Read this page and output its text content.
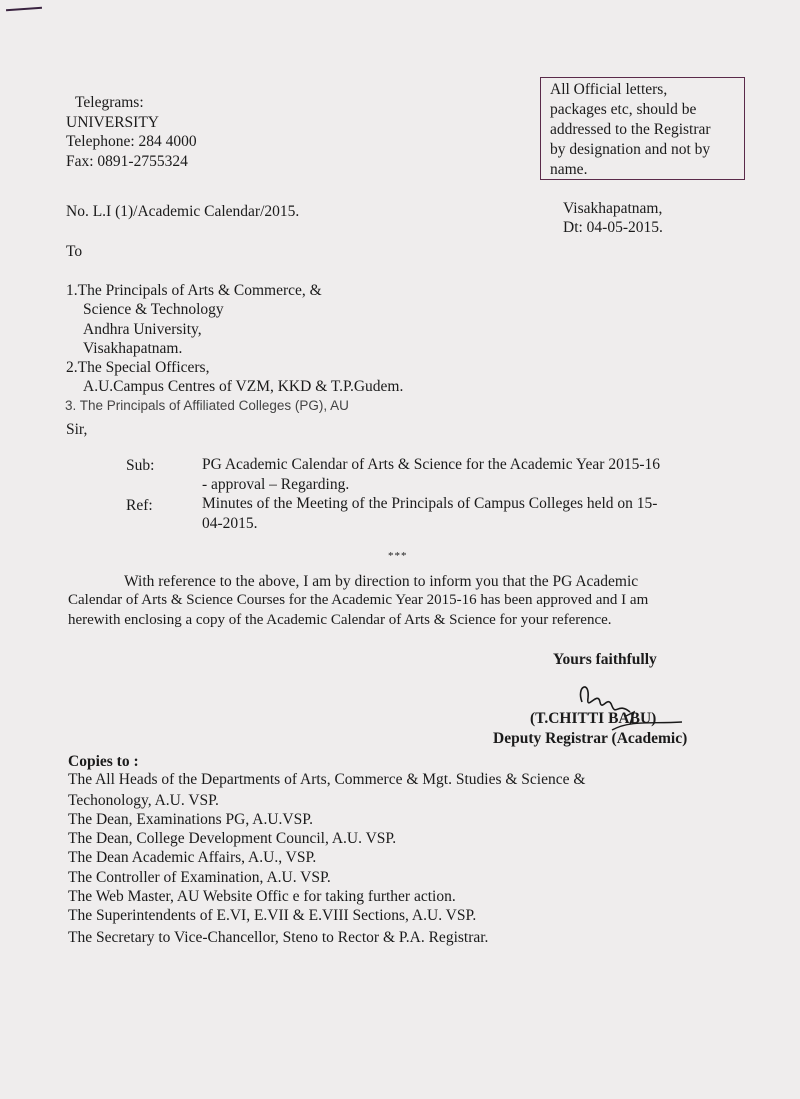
Telegrams:
UNIVERSITY
Telephone: 284 4000
Fax: 0891-2755324
All Official letters,
packages etc, should be
addressed to the Registrar
by designation and not by
name.
No. L.I (1)/Academic Calendar/2015.	Visakhapatnam,
Dt: 04-05-2015.
To
1.The Principals of Arts & Commerce, &
Science & Technology
Andhra University,
Visakhapatnam.
2.The Special Officers,
A.U.Campus Centres of VZM, KKD & T.P.Gudem.
3. The Principals of Affiliated Colleges (PG), AU
Sir,
Sub:	PG Academic Calendar of Arts & Science for the Academic Year 2015-16
- approval – Regarding.
Ref:	Minutes of the Meeting of the Principals of Campus Colleges held on 15-
04-2015.
***
With reference to the above, I am by direction to inform you that the PG Academic
Calendar of Arts & Science Courses for the Academic Year 2015-16 has been approved and I am
herewith enclosing a copy of the Academic Calendar of Arts & Science for your reference.
Yours faithfully
(T.CHITTI BABU)
Deputy Registrar (Academic)
Copies to :
The All Heads of the Departments of Arts, Commerce & Mgt. Studies & Science &
Techonology, A.U. VSP.
The Dean, Examinations PG, A.U.VSP.
The Dean, College Development Council, A.U. VSP.
The Dean Academic Affairs, A.U., VSP.
The Controller of Examination, A.U. VSP.
The Web Master, AU Website Offic e for taking further action.
The Superintendents of E.VI, E.VII & E.VIII Sections, A.U. VSP.
The Secretary to Vice-Chancellor, Steno to Rector & P.A. Registrar.
